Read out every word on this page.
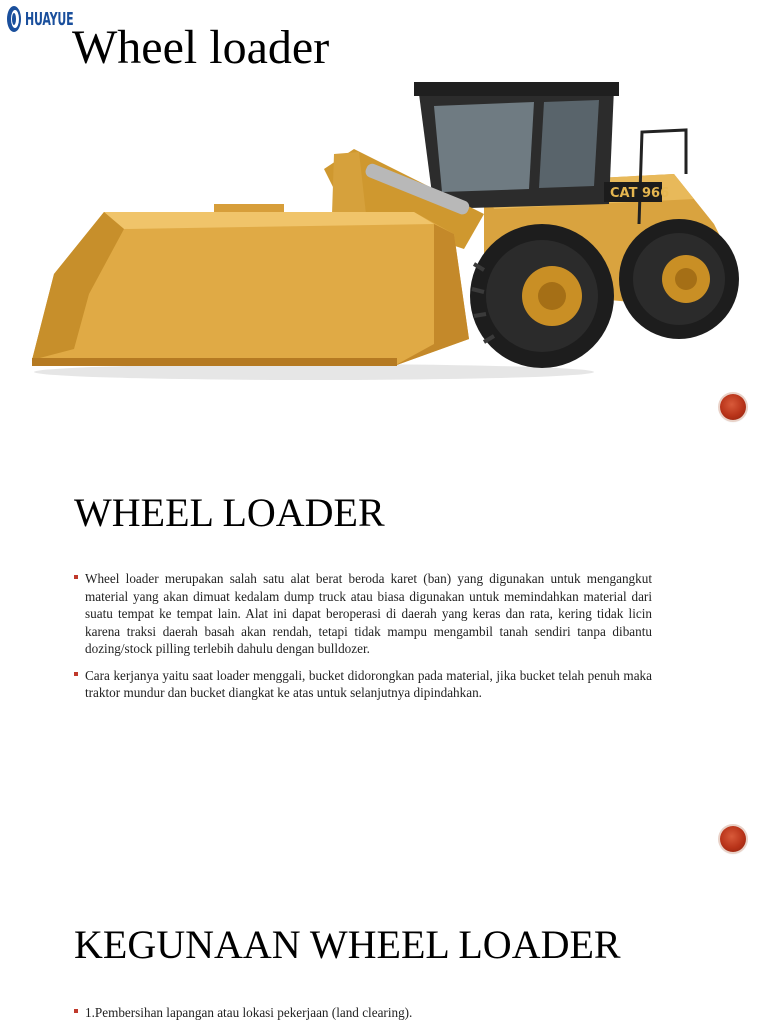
HUAYUE
Wheel loader
CAT 966
WHEEL LOADER
Wheel loader merupakan salah satu alat berat beroda karet (ban) yang digunakan untuk mengangkut material yang akan dimuat kedalam dump truck atau biasa digunakan untuk memindahkan material dari suatu tempat ke tempat lain. Alat ini dapat beroperasi di daerah yang keras dan rata, kering tidak licin karena traksi daerah basah akan rendah, tetapi tidak mampu mengambil tanah sendiri tanpa dibantu dozing/stock pilling terlebih dahulu dengan bulldozer.
Cara kerjanya yaitu saat loader menggali, bucket didorongkan pada material, jika bucket telah penuh maka traktor mundur dan bucket diangkat ke atas untuk selanjutnya dipindahkan.
KEGUNAAN WHEEL LOADER
1.Pembersihan lapangan atau lokasi pekerjaan (land clearing).
